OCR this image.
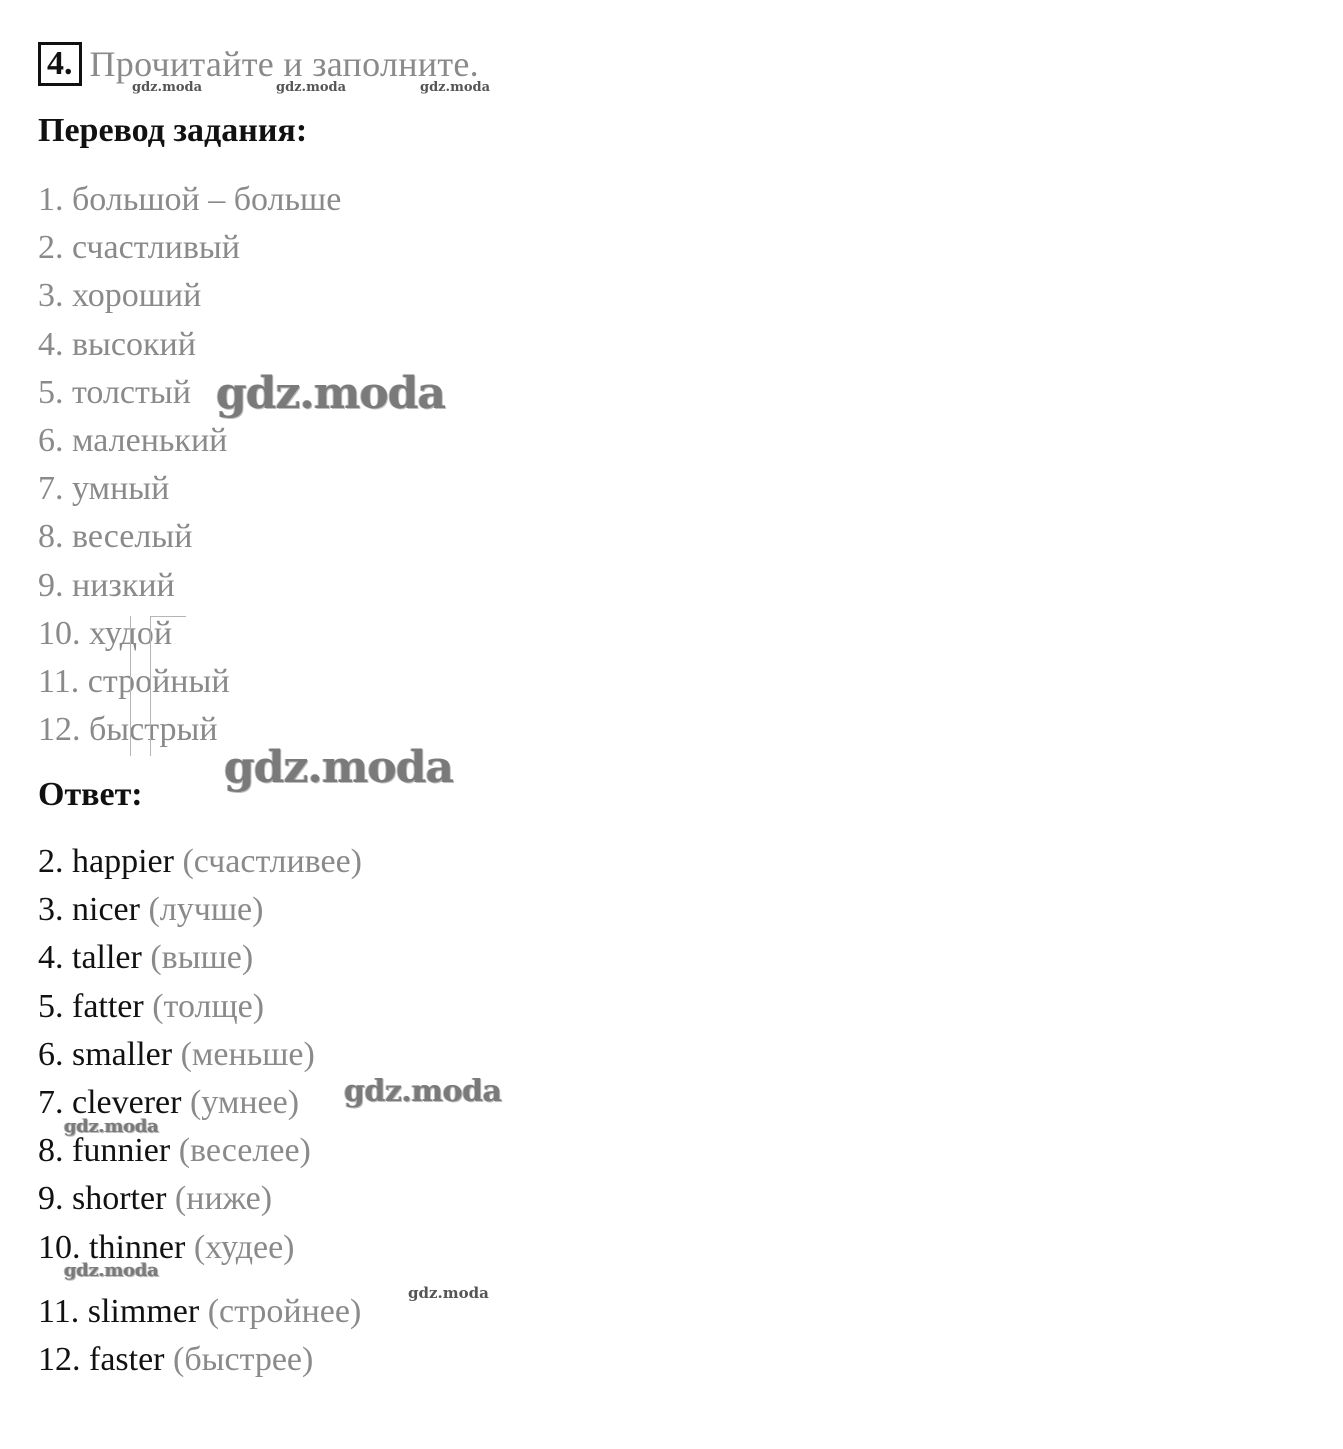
4. Прочитайте и заполните.
Перевод задания:
1. большой – больше
2. счастливый
3. хороший
4. высокий
5. толстый
6. маленький
7. умный
8. веселый
9. низкий
10. худой
11. стройный
12. быстрый
Ответ:
2. happier (счастливее)
3. nicer (лучше)
4. taller (выше)
5. fatter (толще)
6. smaller (меньше)
7. cleverer (умнее)
8. funnier (веселее)
9. shorter (ниже)
10. thinner (худее)
11. slimmer (стройнее)
12. faster (быстрее)
gdz.moda	gdz.moda	gdz.moda
gdz.moda
gdz.moda
gdz.moda
gdz.moda
gdz.moda
gdz.moda
